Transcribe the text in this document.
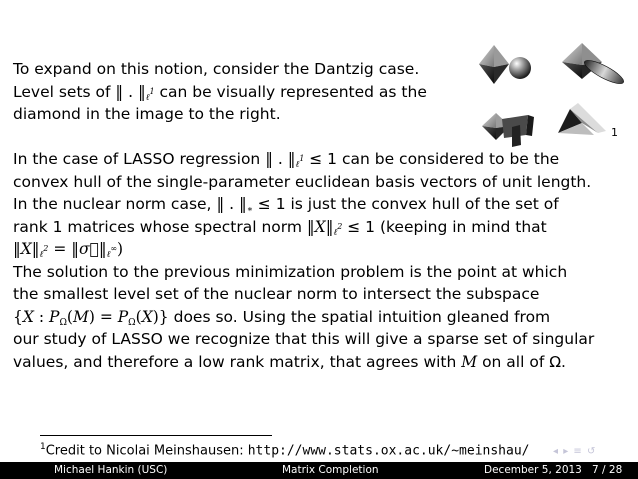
To expand on this notion, consider the Dantzig case.
Level sets of ‖ . $‖_{\ell^1}$ can be visually represented as the
diamond in the image to the right.
1
In the case of LASSO regression ‖ . $‖_{\ell^1} \le 1$ can be considered to be the
convex hull of the single-parameter euclidean basis vectors of unit length.
In the nuclear norm case, ‖ . $‖_∗ \le 1$ is just the convex hull of the set of
rank 1 matrices whose spectral norm $‖X‖_{\ell^2} \le 1$ (keeping in mind that
$‖X‖_{\ell^2}$ = $‖\sigma⃗‖_{\ell^\infty}$)
The solution to the previous minimization problem is the point at which
the smallest level set of the nuclear norm to intersect the subspace
{X : $P_\Omega(M) = P_\Omega(X)$} does so. Using the spatial intuition gleaned from
our study of LASSO we recognize that this will give a sparse set of singular
values, and therefore a low rank matrix, that agrees with M on all of Ω.
$^1$Credit to Nicolai Meinshausen: http://www.stats.ox.ac.uk/~meinshau/ ◂ ▸ ≡ ↺
Michael Hankin (USC)	Matrix Completion	December 5, 2013 7 / 28
